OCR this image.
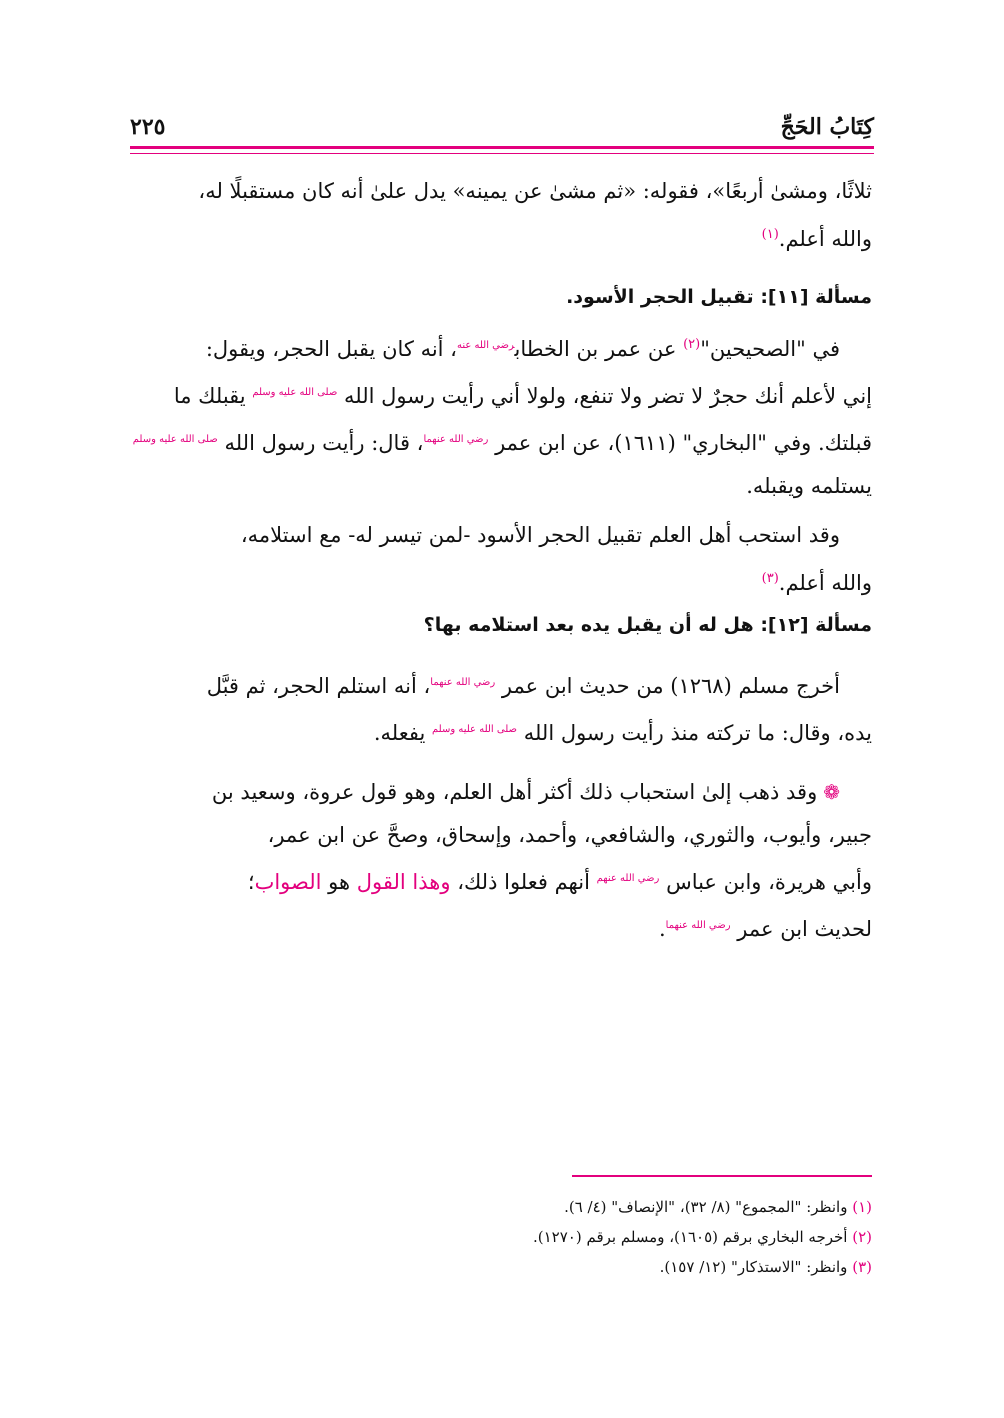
كِتَابُ الحَجِّ
٢٢٥

ثلاثًا، ومشىٰ أربعًا»، فقوله: «ثم مشىٰ عن يمينه» يدل علىٰ أنه كان مستقبلًا له،

والله أعلم.$^{(١)}$

مسألة [١١]: تقبيل الحجر الأسود.

في "الصحيحين"$^{(٢)}$ عن عمر بن الخطاب$^{رضي الله عنه}$، أنه كان يقبل الحجر، ويقول:

إني لأعلم أنك حجرٌ لا تضر ولا تنفع، ولولا أني رأيت رسول الله $^{صلى الله عليه وسلم}$ يقبلك ما

قبلتك. وفي "البخاري" (١٦١١)، عن ابن عمر $^{رضي الله عنهما}$، قال: رأيت رسول الله $^{صلى الله عليه وسلم}$

يستلمه ويقبله.

وقد استحب أهل العلم تقبيل الحجر الأسود -لمن تيسر له- مع استلامه،

والله أعلم.$^{(٣)}$

مسألة [١٢]: هل له أن يقبل يده بعد استلامه بها؟

أخرج مسلم (١٢٦٨) من حديث ابن عمر $^{رضي الله عنهما}$، أنه استلم الحجر، ثم قبَّل

يده، وقال: ما تركته منذ رأيت رسول الله $^{صلى الله عليه وسلم}$ يفعله.

❁وقد ذهب إلىٰ استحباب ذلك أكثر أهل العلم، وهو قول عروة، وسعيد بن

جبير، وأيوب، والثوري، والشافعي، وأحمد، وإسحاق، وصحَّ عن ابن عمر،

وأبي هريرة، وابن عباس $^{رضي الله عنهم}$ أنهم فعلوا ذلك، وهذا القول هو الصواب؛

لحديث ابن عمر $^{رضي الله عنهما}$.

(١) وانظر: "المجموع" (٨/ ٣٢)، "الإنصاف" (٤/ ٦).

(٢) أخرجه البخاري برقم (١٦٠٥)، ومسلم برقم (١٢٧٠).

(٣) وانظر: "الاستذكار" (١٢/ ١٥٧).
